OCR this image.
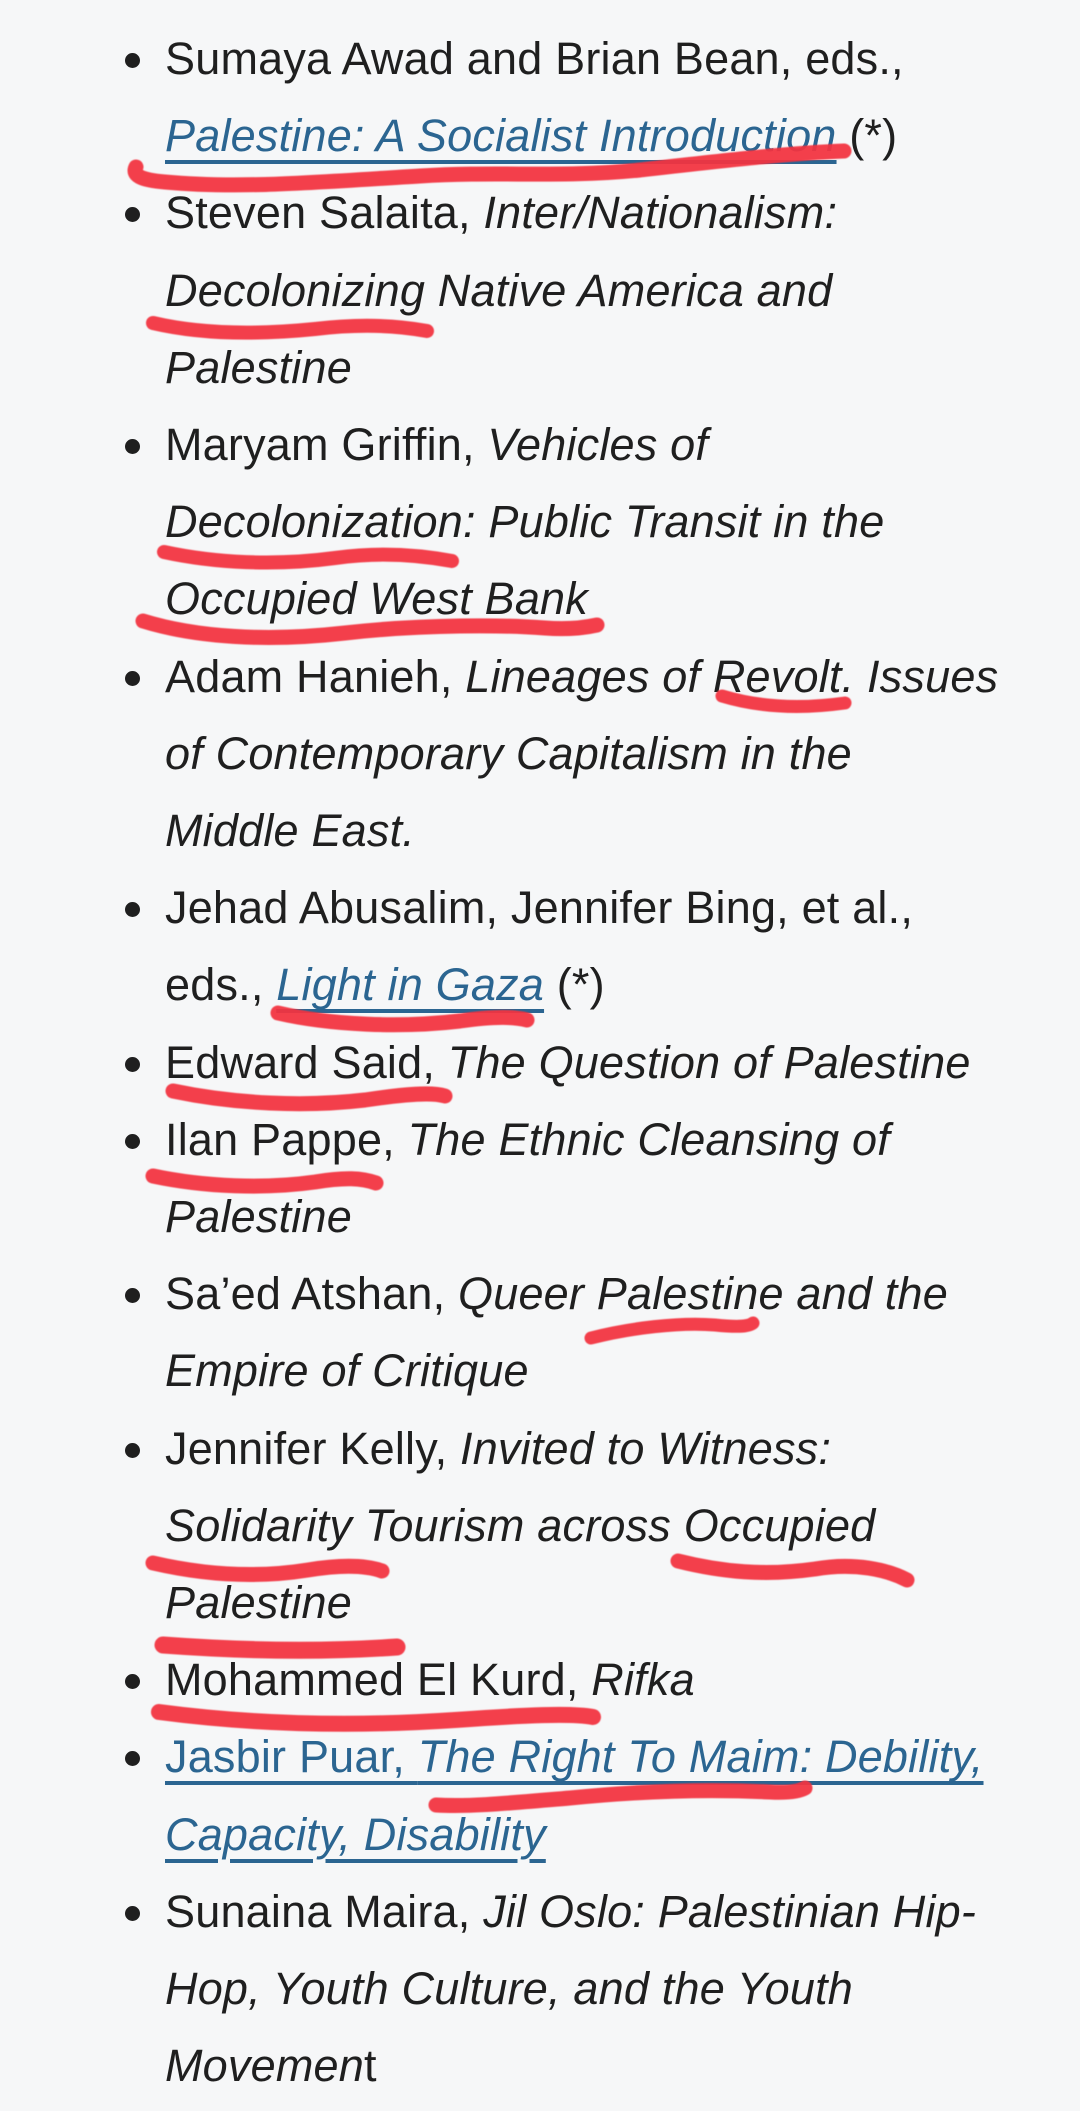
Sumaya Awad and Brian Bean, eds.,
Palestine: A Socialist Introduction (*)
Steven Salaita, Inter/Nationalism:
Decolonizing Native America and
Palestine
Maryam Griffin, Vehicles of
Decolonization: Public Transit in the
Occupied West Bank
Adam Hanieh, Lineages of Revolt. Issues
of Contemporary Capitalism in the
Middle East.
Jehad Abusalim, Jennifer Bing, et al.,
eds., Light in Gaza (*)
Edward Said, The Question of Palestine
Ilan Pappe, The Ethnic Cleansing of
Palestine
Sa’ed Atshan, Queer Palestine and the
Empire of Critique
Jennifer Kelly, Invited to Witness:
Solidarity Tourism across Occupied
Palestine
Mohammed El Kurd, Rifka
Jasbir Puar, The Right To Maim: Debility,
Capacity, Disability
Sunaina Maira, Jil Oslo: Palestinian Hip-
Hop, Youth Culture, and the Youth
Movement
